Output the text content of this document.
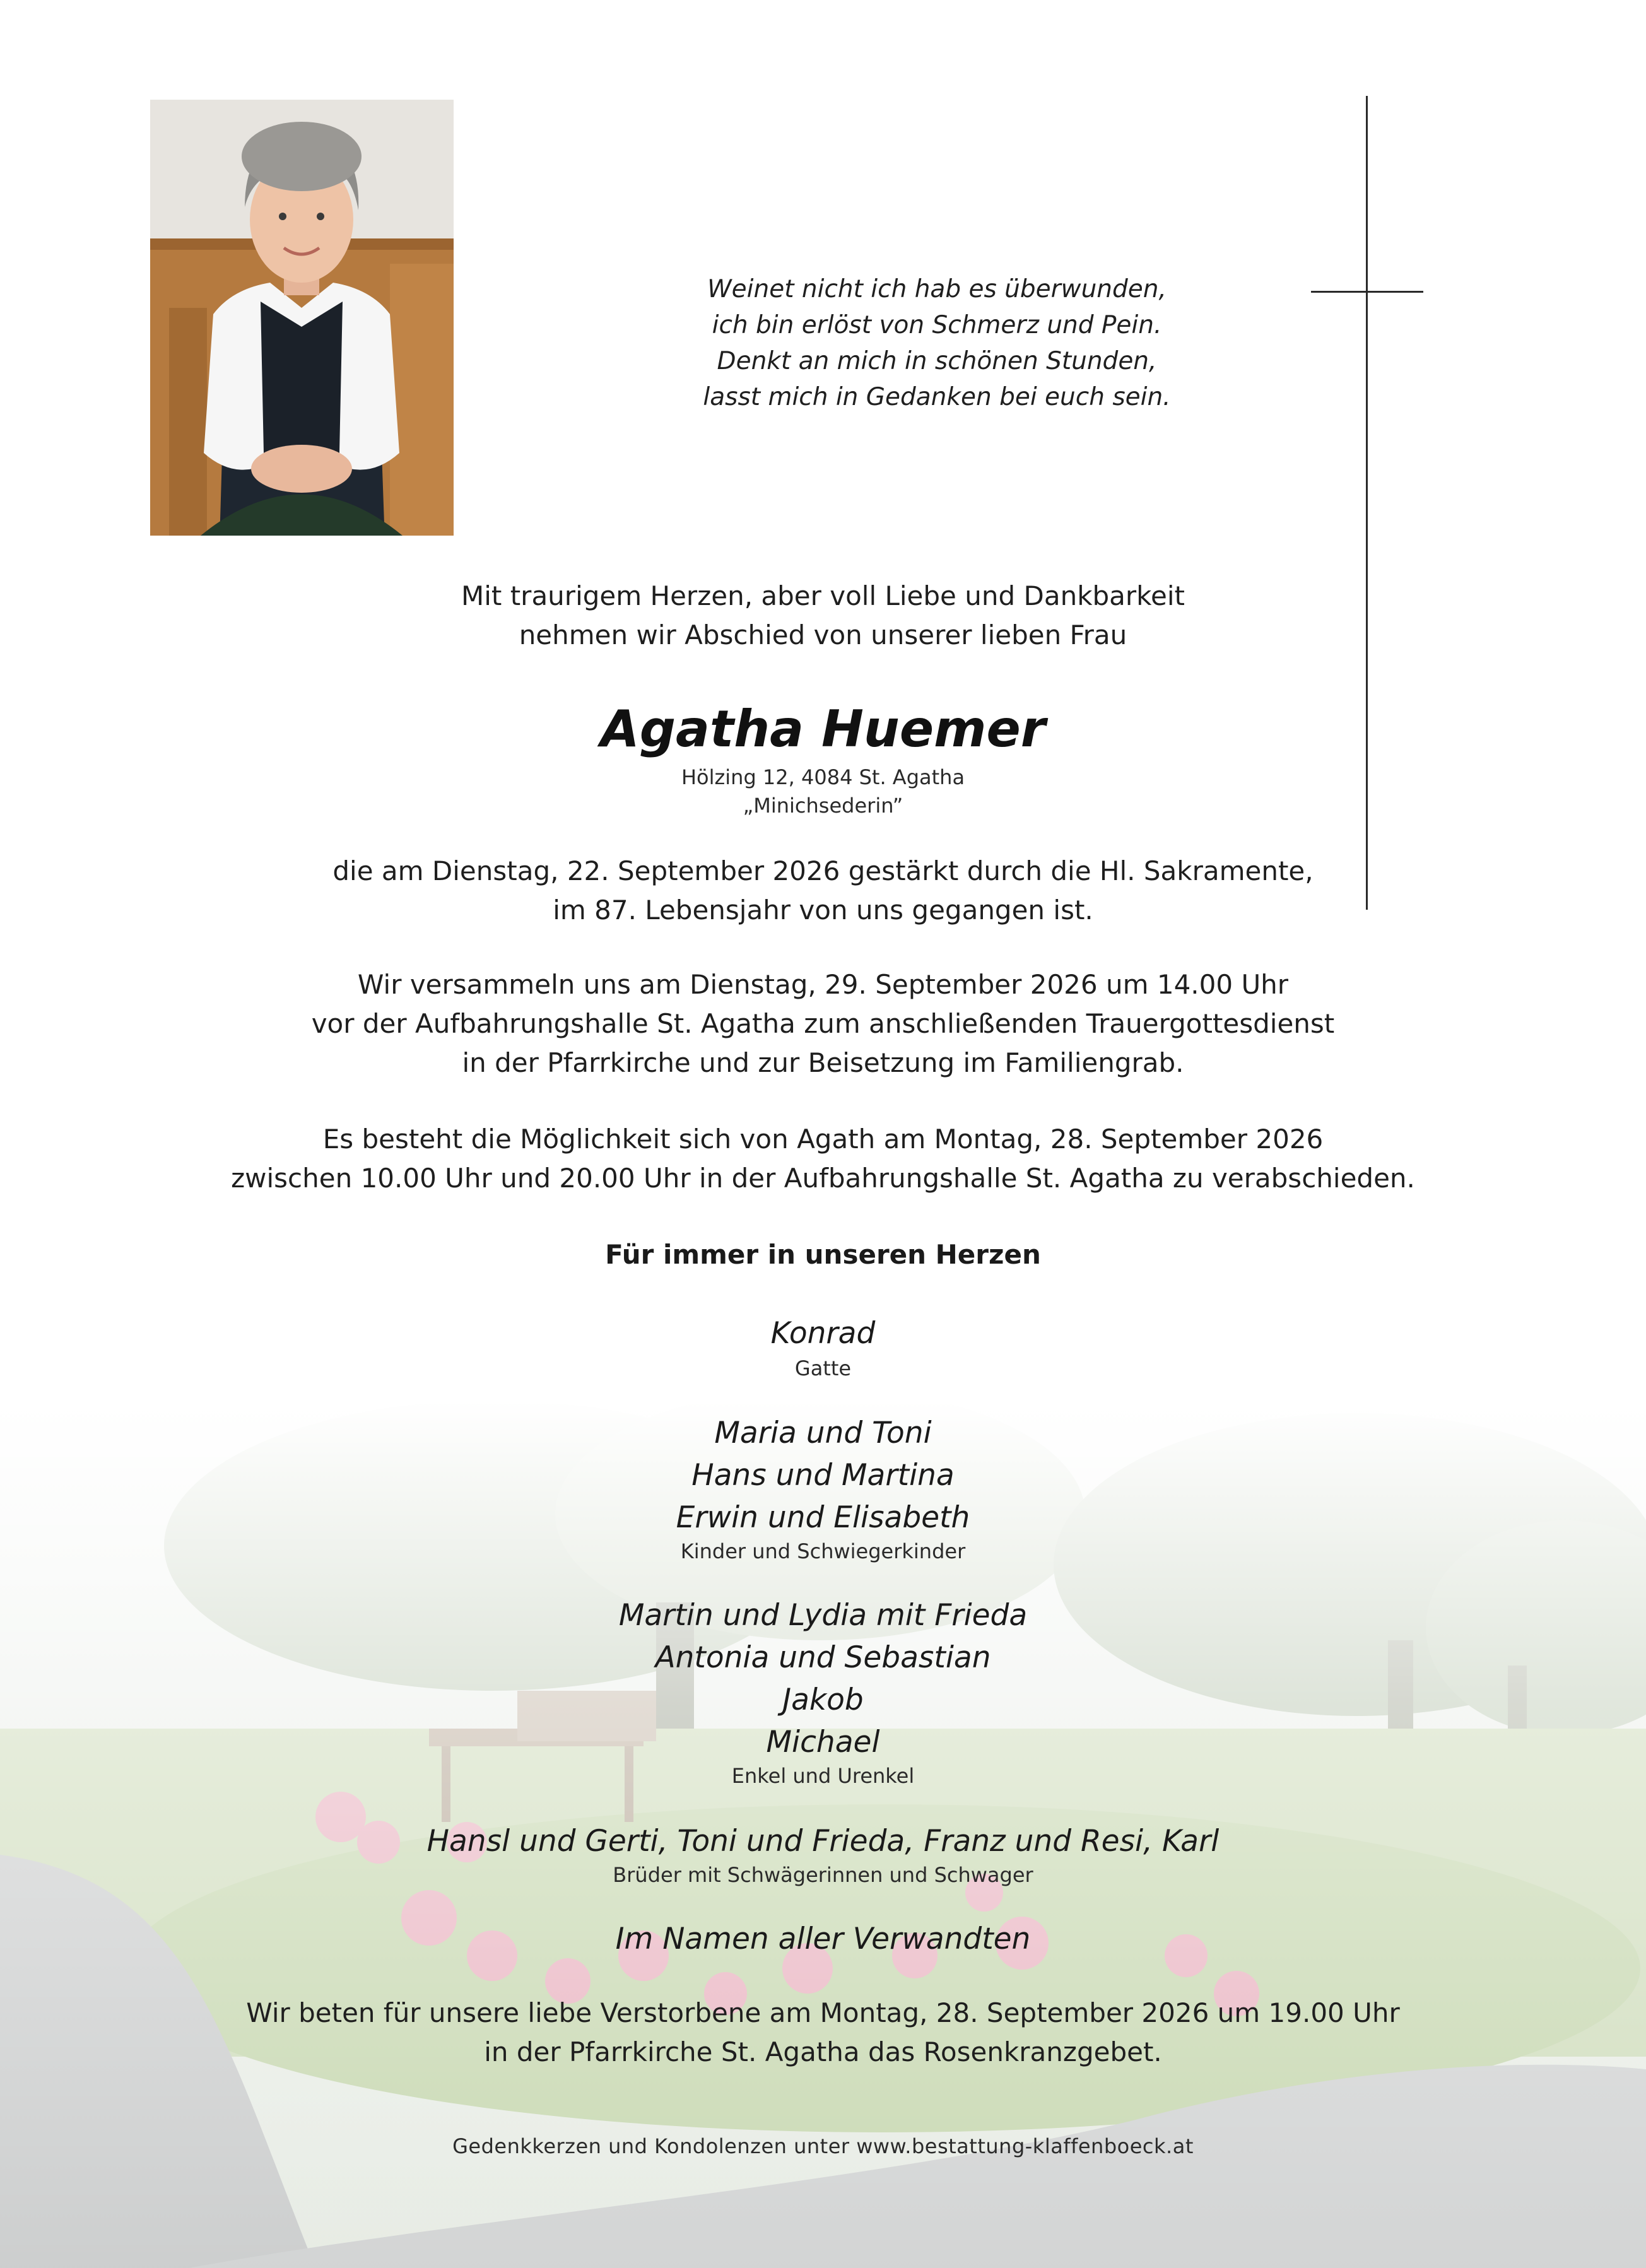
Weinet nicht ich hab es überwunden,
ich bin erlöst von Schmerz und Pein.
Denkt an mich in schönen Stunden,
lasst mich in Gedanken bei euch sein.
Mit traurigem Herzen, aber voll Liebe und Dankbarkeit
nehmen wir Abschied von unserer lieben Frau
Agatha Huemer
Hölzing 12, 4084 St. Agatha
„Minichsederin”
die am Dienstag, 22. September 2026 gestärkt durch die Hl. Sakramente,
im 87. Lebensjahr von uns gegangen ist.
Wir versammeln uns am Dienstag, 29. September 2026 um 14.00 Uhr
vor der Aufbahrungshalle St. Agatha zum anschließenden Trauergottesdienst
in der Pfarrkirche und zur Beisetzung im Familiengrab.
Es besteht die Möglichkeit sich von Agath am Montag, 28. September 2026
zwischen 10.00 Uhr und 20.00 Uhr in der Aufbahrungshalle St. Agatha zu verabschieden.
Für immer in unseren Herzen
Konrad
Gatte
Maria und Toni
Hans und Martina
Erwin und Elisabeth
Kinder und Schwiegerkinder
Martin und Lydia mit Frieda
Antonia und Sebastian
Jakob
Michael
Enkel und Urenkel
Hansl und Gerti, Toni und Frieda, Franz und Resi, Karl
Brüder mit Schwägerinnen und Schwager
Im Namen aller Verwandten
Wir beten für unsere liebe Verstorbene am Montag, 28. September 2026 um 19.00 Uhr
in der Pfarrkirche St. Agatha das Rosenkranzgebet.
Gedenkkerzen und Kondolenzen unter www.bestattung-klaffenboeck.at
